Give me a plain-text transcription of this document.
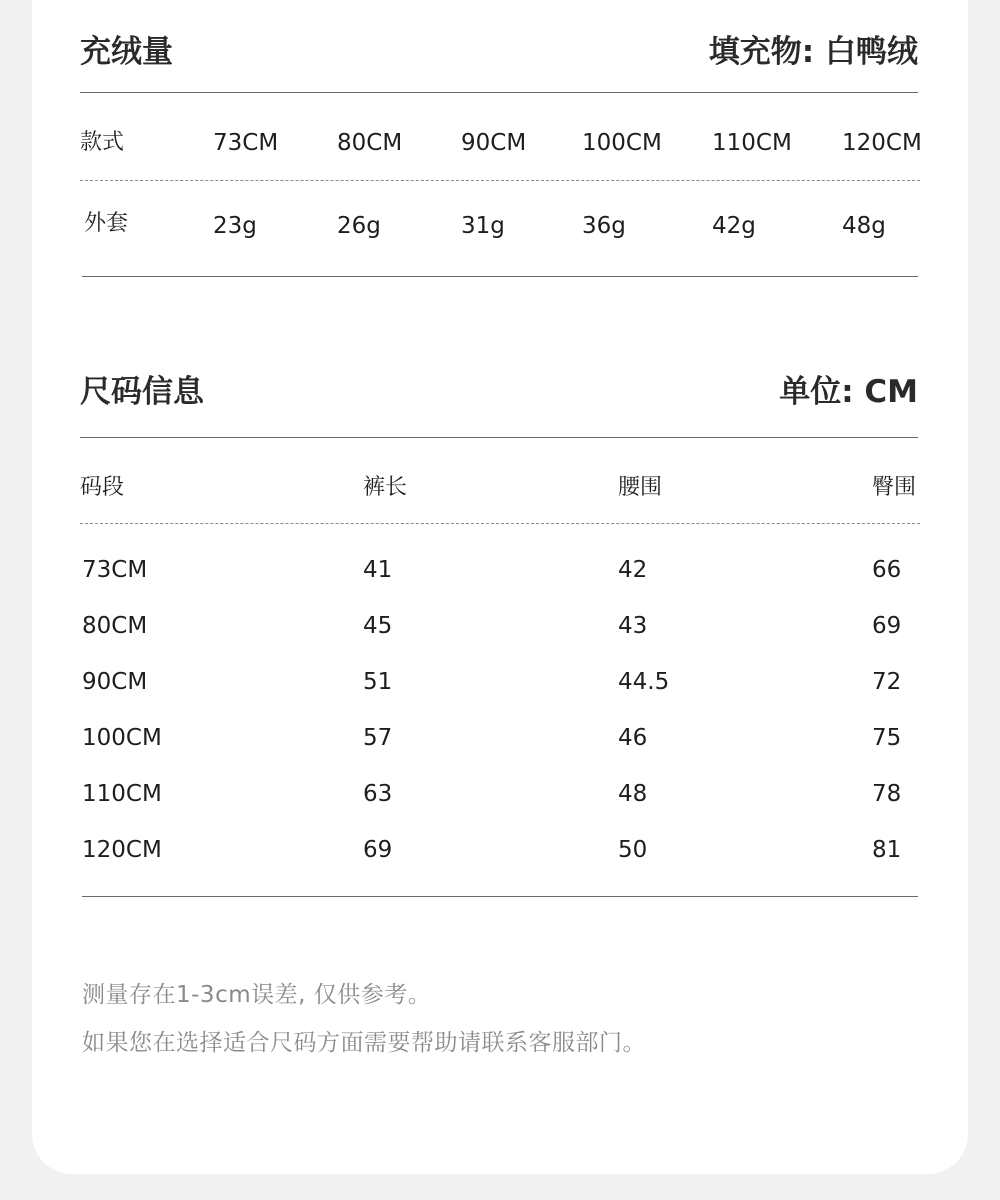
充绒量	填充物: 白鸭绒
款式	73CM	80CM	90CM 100CM 110CM 120CM
外套	23g	26g	31g	36g	42g	48g
尺码信息	单位: CM
码段	裤长	腰围	臀围
73CM	41	42	66
80CM	45	43	69
90CM	51	44.5	72
100CM	57	46	75
110CM	63	48	78
120CM	69	50	81
测量存在1-3cm误差, 仅供参考。
如果您在选择适合尺码方面需要帮助请联系客服部门。
